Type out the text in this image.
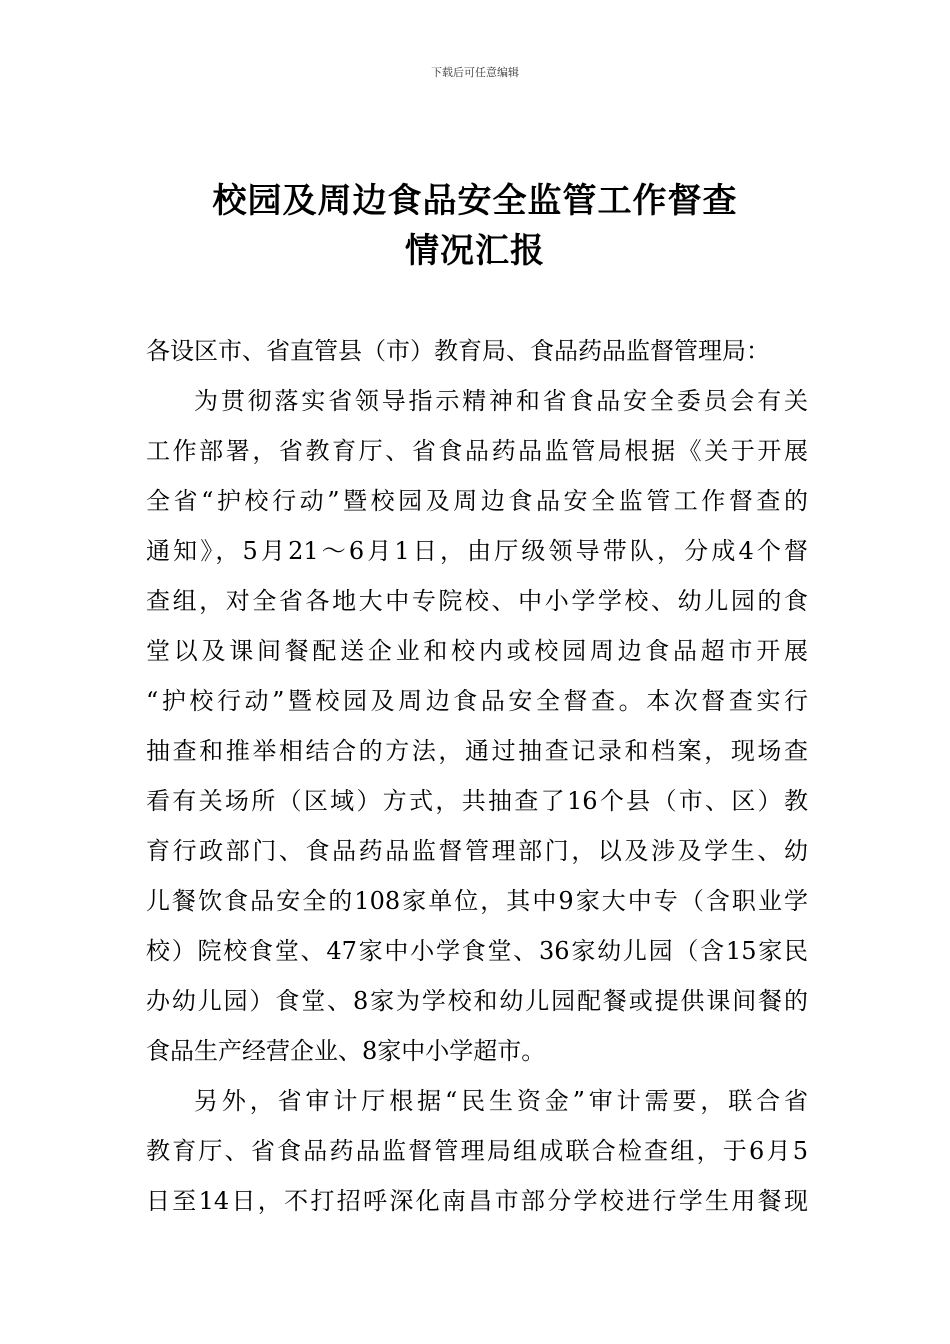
下载后可任意编辑
校园及周边食品安全监管工作督查
情况汇报
各设区市、省直管县（市）教育局、食品药品监督管理局：
为贯彻落实省领导指示精神和省食品安全委员会有关
工作部署，省教育厅、省食品药品监管局根据《关于开展
全省“护校行动”暨校园及周边食品安全监管工作督查的
通知》，5月21～6月1日，由厅级领导带队，分成4个督
查组，对全省各地大中专院校、中小学学校、幼儿园的食
堂以及课间餐配送企业和校内或校园周边食品超市开展
“护校行动”暨校园及周边食品安全督查。本次督查实行
抽查和推举相结合的方法，通过抽查记录和档案，现场查
看有关场所（区域）方式，共抽查了16个县（市、区）教
育行政部门、食品药品监督管理部门，以及涉及学生、幼
儿餐饮食品安全的108家单位，其中9家大中专（含职业学
校）院校食堂、47家中小学食堂、36家幼儿园（含15家民
办幼儿园）食堂、8家为学校和幼儿园配餐或提供课间餐的
食品生产经营企业、8家中小学超市。
另外，省审计厅根据“民生资金”审计需要，联合省
教育厅、省食品药品监督管理局组成联合检查组，于6月5
日至14日，不打招呼深化南昌市部分学校进行学生用餐现
